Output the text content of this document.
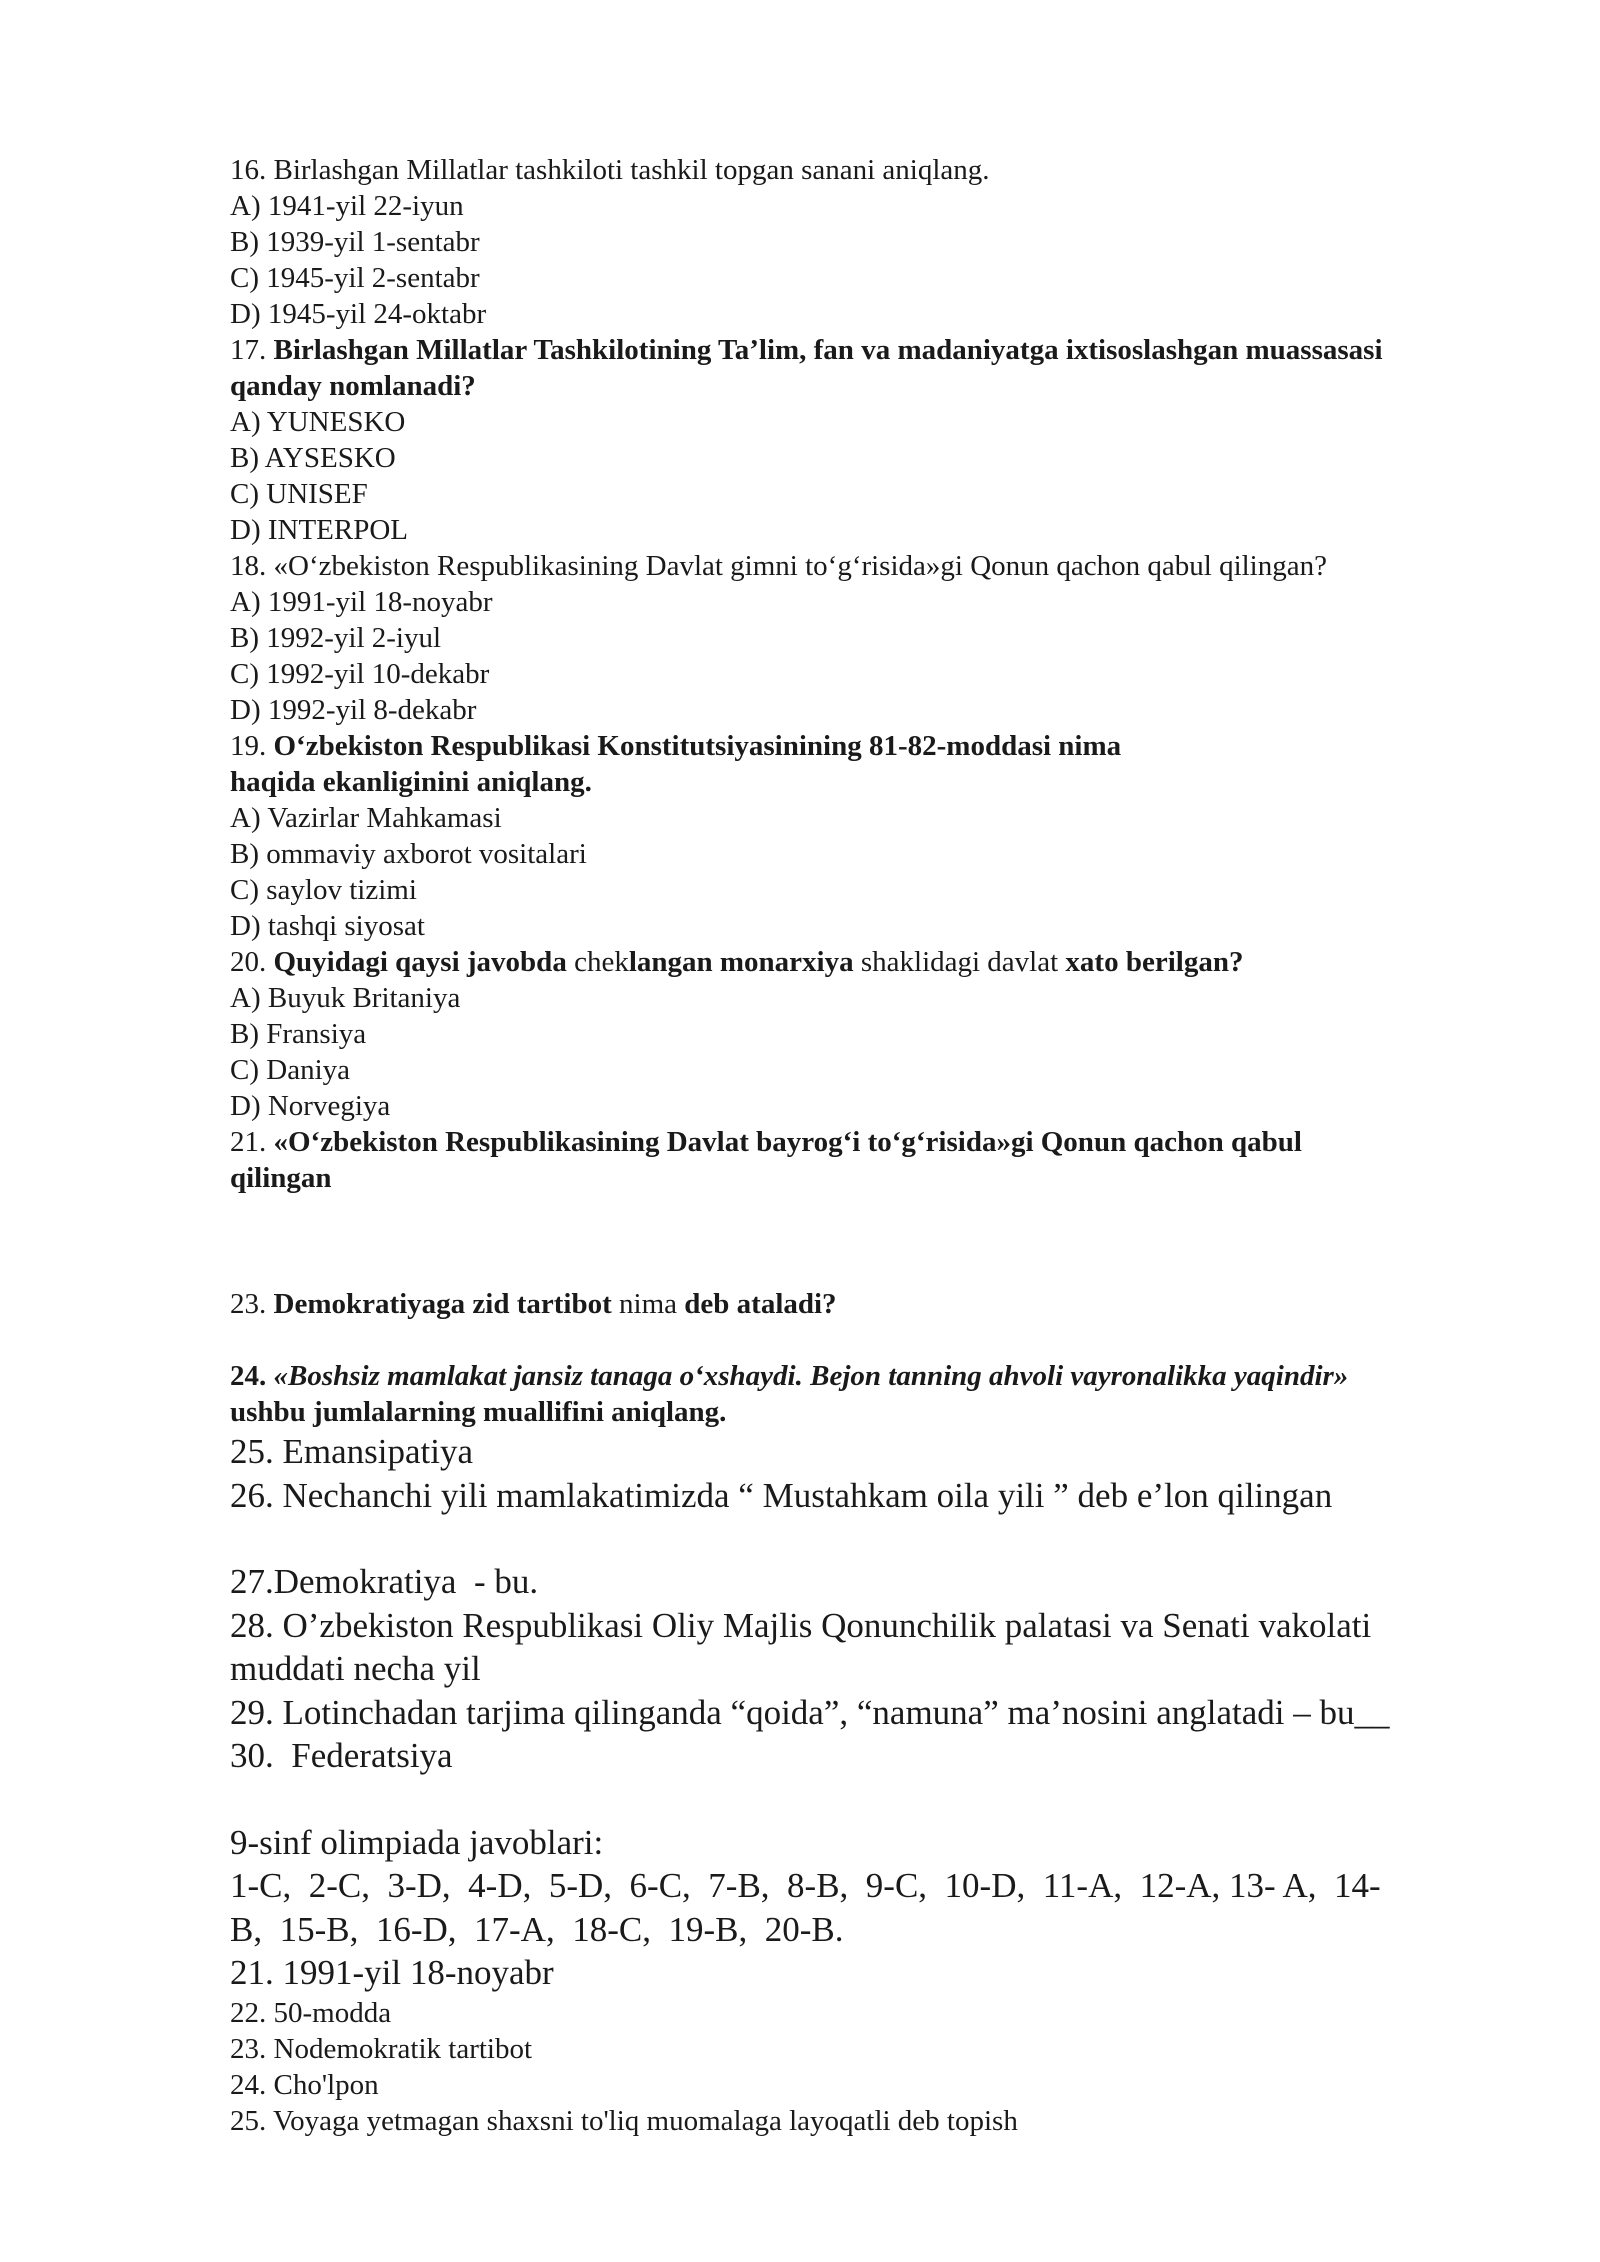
16. Birlashgan Millatlar tashkiloti tashkil topgan sanani aniqlang.
A) 1941-yil 22-iyun
B) 1939-yil 1-sentabr
C) 1945-yil 2-sentabr
D) 1945-yil 24-oktabr
17. Birlashgan Millatlar Tashkilotining Ta’lim, fan va madaniyatga ixtisoslashgan muassasasi
qanday nomlanadi?
A) YUNESKO
B) AYSESKO
C) UNISEF
D) INTERPOL
18. «O‘zbekiston Respublikasining Davlat gimni to‘g‘risida»gi Qonun qachon qabul qilingan?
A) 1991-yil 18-noyabr
B) 1992-yil 2-iyul
C) 1992-yil 10-dekabr
D) 1992-yil 8-dekabr
19. O‘zbekiston Respublikasi Konstitutsiyasinining 81-82-moddasi nima
haqida ekanliginini aniqlang.
A) Vazirlar Mahkamasi
B) ommaviy axborot vositalari
C) saylov tizimi
D) tashqi siyosat
20. Quyidagi qaysi javobda cheklangan monarxiya shaklidagi davlat xato berilgan?
A) Buyuk Britaniya
B) Fransiya
C) Daniya
D) Norvegiya
21. «O‘zbekiston Respublikasining Davlat bayrog‘i to‘g‘risida»gi Qonun qachon qabul
qilingan
23. Demokratiyaga zid tartibot nima deb ataladi?
24. «Boshsiz mamlakat jansiz tanaga o‘xshaydi. Bejon tanning ahvoli vayronalikka yaqindir»
ushbu jumlalarning muallifini aniqlang.
25. Emansipatiya
26. Nechanchi yili mamlakatimizda “ Mustahkam oila yili ” deb e’lon qilingan
27.Demokratiya  - bu.
28. O’zbekiston Respublikasi Oliy Majlis Qonunchilik palatasi va Senati vakolati
muddati necha yil
29. Lotinchadan tarjima qilinganda “qoida”, “namuna” ma’nosini anglatadi – bu__
30.  Federatsiya
9-sinf olimpiada javoblari:
1-C,  2-C,  3-D,  4-D,  5-D,  6-C,  7-B,  8-B,  9-C,  10-D,  11-A,  12-A, 13- A,  14-
B,  15-B,  16-D,  17-A,  18-C,  19-B,  20-B.
21. 1991-yil 18-noyabr
22. 50-modda
23. Nodemokratik tartibot
24. Cho'lpon
25. Voyaga yetmagan shaxsni to'liq muomalaga layoqatli deb topish
